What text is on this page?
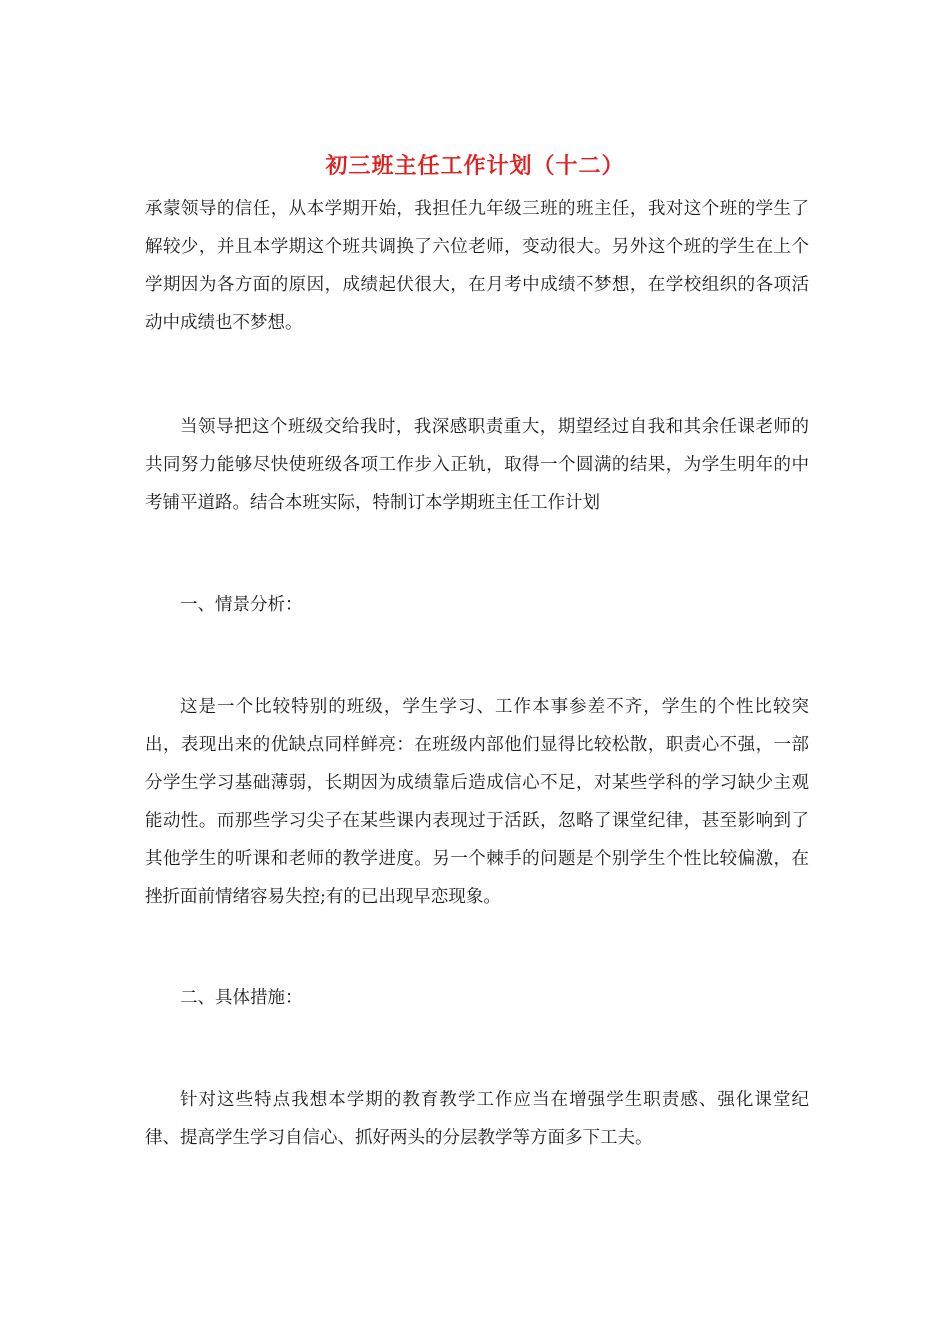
初三班主任工作计划（十二）

承蒙领导的信任，从本学期开始，我担任九年级三班的班主任，我对这个班的学生了解较少，并且本学期这个班共调换了六位老师，变动很大。另外这个班的学生在上个学期因为各方面的原因，成绩起伏很大，在月考中成绩不梦想，在学校组织的各项活动中成绩也不梦想。

当领导把这个班级交给我时，我深感职责重大，期望经过自我和其余任课老师的共同努力能够尽快使班级各项工作步入正轨，取得一个圆满的结果，为学生明年的中考铺平道路。结合本班实际，特制订本学期班主任工作计划

一、情景分析：

这是一个比较特别的班级，学生学习、工作本事参差不齐，学生的个性比较突出，表现出来的优缺点同样鲜亮：在班级内部他们显得比较松散，职责心不强，一部分学生学习基础薄弱，长期因为成绩靠后造成信心不足，对某些学科的学习缺少主观能动性。而那些学习尖子在某些课内表现过于活跃，忽略了课堂纪律，甚至影响到了其他学生的听课和老师的教学进度。另一个棘手的问题是个别学生个性比较偏激，在挫折面前情绪容易失控;有的已出现早恋现象。

二、具体措施：

针对这些特点我想本学期的教育教学工作应当在增强学生职责感、强化课堂纪律、提高学生学习自信心、抓好两头的分层教学等方面多下工夫。
